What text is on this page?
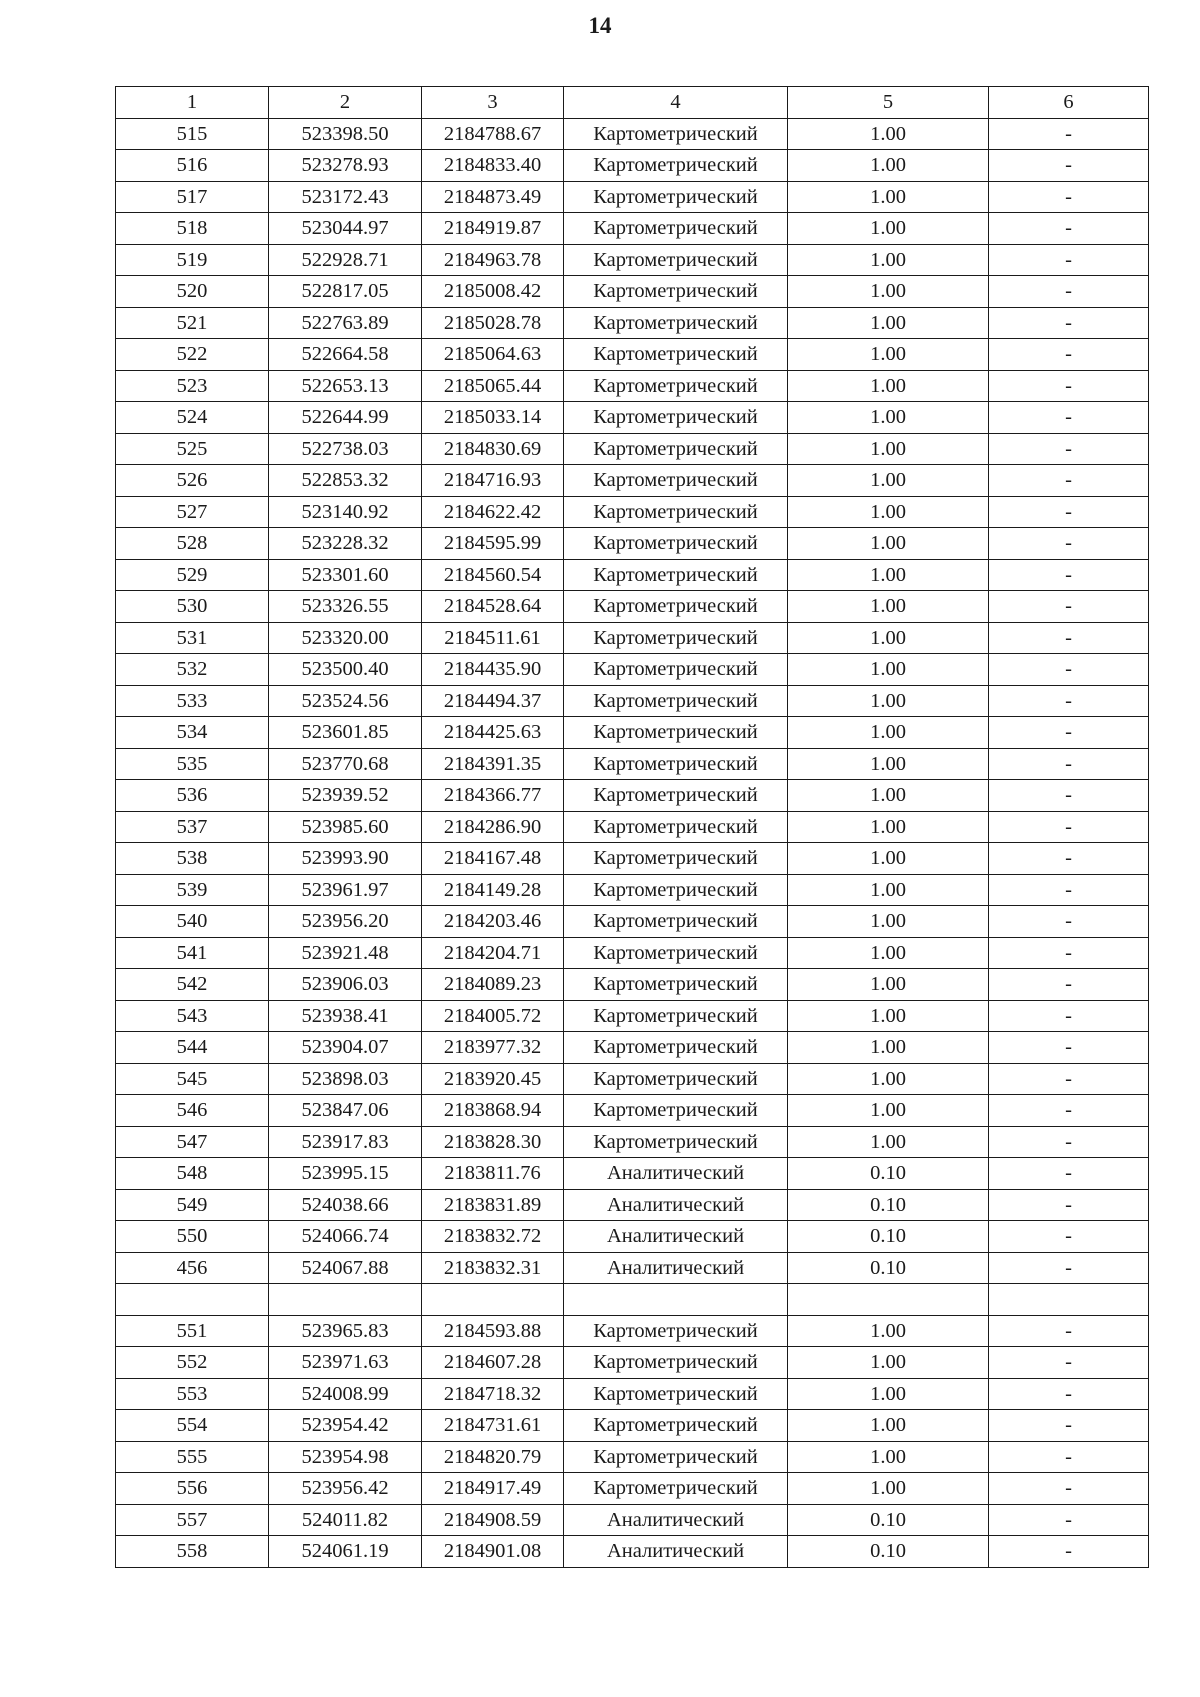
14
1	2	3	4	5	6
515	523398.50	2184788.67	Картометрический	1.00	-
516	523278.93	2184833.40	Картометрический	1.00	-
517	523172.43	2184873.49	Картометрический	1.00	-
518	523044.97	2184919.87	Картометрический	1.00	-
519	522928.71	2184963.78	Картометрический	1.00	-
520	522817.05	2185008.42	Картометрический	1.00	-
521	522763.89	2185028.78	Картометрический	1.00	-
522	522664.58	2185064.63	Картометрический	1.00	-
523	522653.13	2185065.44	Картометрический	1.00	-
524	522644.99	2185033.14	Картометрический	1.00	-
525	522738.03	2184830.69	Картометрический	1.00	-
526	522853.32	2184716.93	Картометрический	1.00	-
527	523140.92	2184622.42	Картометрический	1.00	-
528	523228.32	2184595.99	Картометрический	1.00	-
529	523301.60	2184560.54	Картометрический	1.00	-
530	523326.55	2184528.64	Картометрический	1.00	-
531	523320.00	2184511.61	Картометрический	1.00	-
532	523500.40	2184435.90	Картометрический	1.00	-
533	523524.56	2184494.37	Картометрический	1.00	-
534	523601.85	2184425.63	Картометрический	1.00	-
535	523770.68	2184391.35	Картометрический	1.00	-
536	523939.52	2184366.77	Картометрический	1.00	-
537	523985.60	2184286.90	Картометрический	1.00	-
538	523993.90	2184167.48	Картометрический	1.00	-
539	523961.97	2184149.28	Картометрический	1.00	-
540	523956.20	2184203.46	Картометрический	1.00	-
541	523921.48	2184204.71	Картометрический	1.00	-
542	523906.03	2184089.23	Картометрический	1.00	-
543	523938.41	2184005.72	Картометрический	1.00	-
544	523904.07	2183977.32	Картометрический	1.00	-
545	523898.03	2183920.45	Картометрический	1.00	-
546	523847.06	2183868.94	Картометрический	1.00	-
547	523917.83	2183828.30	Картометрический	1.00	-
548	523995.15	2183811.76	Аналитический	0.10	-
549	524038.66	2183831.89	Аналитический	0.10	-
550	524066.74	2183832.72	Аналитический	0.10	-
456	524067.88	2183832.31	Аналитический	0.10	-

551	523965.83	2184593.88	Картометрический	1.00	-
552	523971.63	2184607.28	Картометрический	1.00	-
553	524008.99	2184718.32	Картометрический	1.00	-
554	523954.42	2184731.61	Картометрический	1.00	-
555	523954.98	2184820.79	Картометрический	1.00	-
556	523956.42	2184917.49	Картометрический	1.00	-
557	524011.82	2184908.59	Аналитический	0.10	-
558	524061.19	2184901.08	Аналитический	0.10	-
